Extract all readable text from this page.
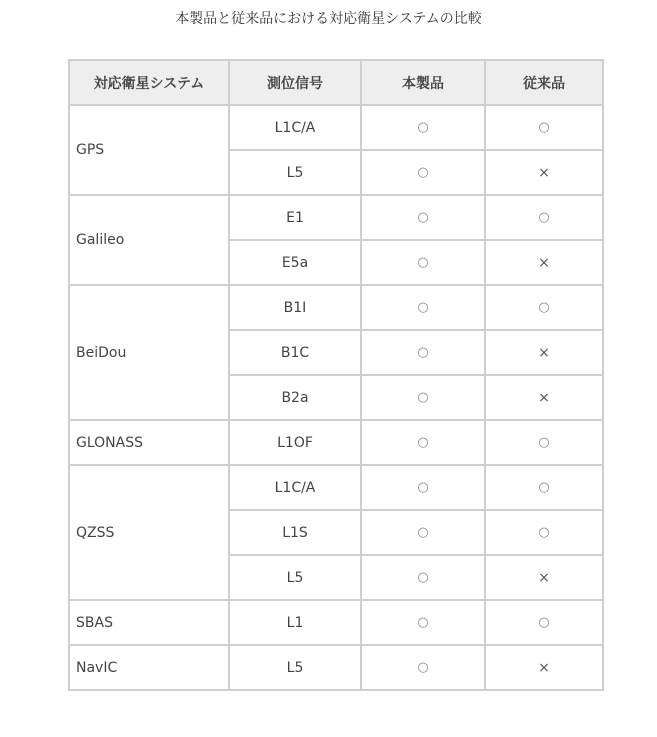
本製品と従来品における対応衛星システムの比較
対応衛星システム	測位信号	本製品	従来品
GPS	L1C/A	○	○
	L5	○	×
Galileo	E1	○	○
	E5a	○	×
BeiDou	B1I	○	○
	B1C	○	×
	B2a	○	×
GLONASS	L1OF	○	○
QZSS	L1C/A	○	○
	L1S	○	○
	L5	○	×
SBAS	L1	○	○
NavIC	L5	○	×
